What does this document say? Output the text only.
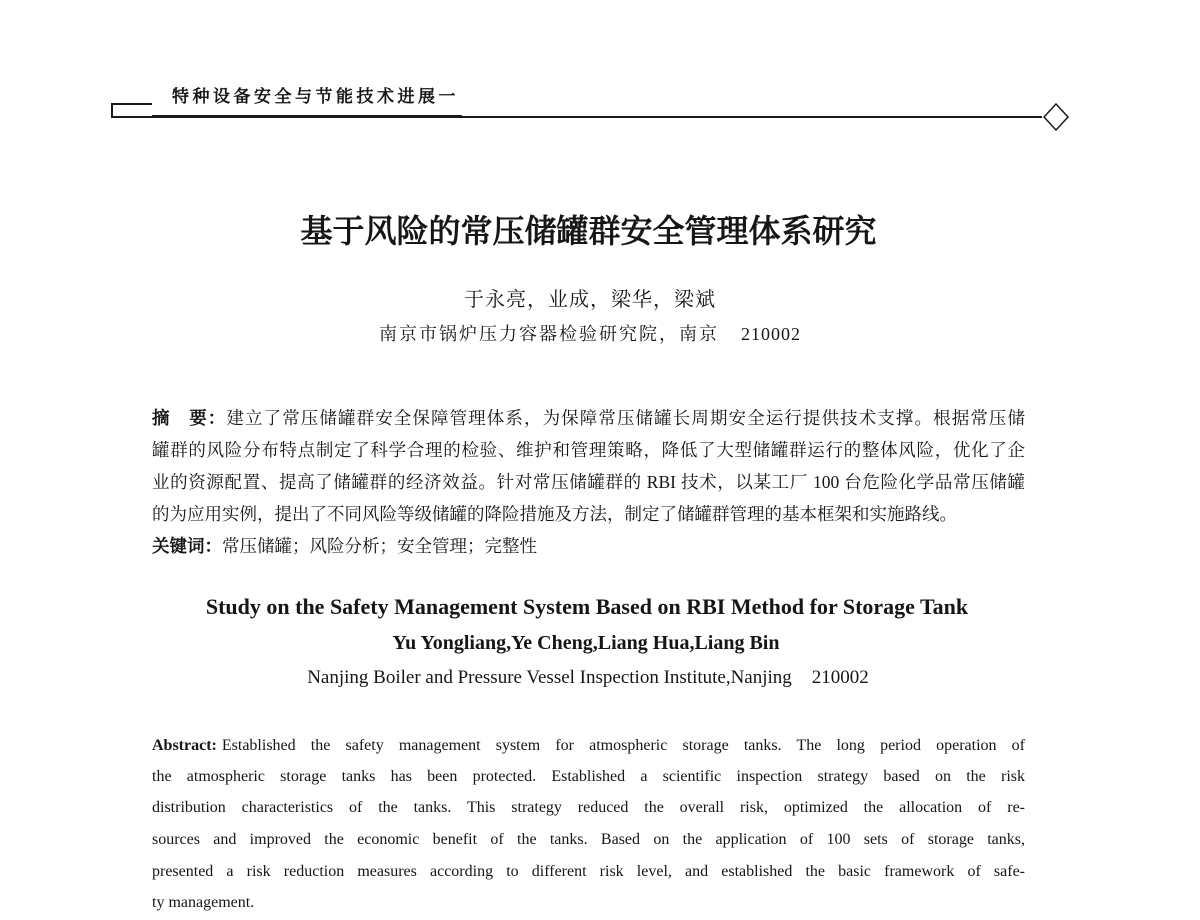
特种设备安全与节能技术进展一
基于风险的常压储罐群安全管理体系研究
于永亮，业成，梁华，梁斌
南京市锅炉压力容器检验研究院，南京 210002
摘　要：建立了常压储罐群安全保障管理体系，为保障常压储罐长周期安全运行提供技术支撑。根据常压储
罐群的风险分布特点制定了科学合理的检验、维护和管理策略，降低了大型储罐群运行的整体风险，优化了企
业的资源配置、提高了储罐群的经济效益。针对常压储罐群的 RBI 技术，以某工厂 100 台危险化学品常压储罐
的为应用实例，提出了不同风险等级储罐的降险措施及方法，制定了储罐群管理的基本框架和实施路线。
关键词：常压储罐；风险分析；安全管理；完整性
Study on the Safety Management System Based on RBI Method for Storage Tank
Yu Yongliang,Ye Cheng,Liang Hua,Liang Bin
Nanjing Boiler and Pressure Vessel Inspection Institute,Nanjing 210002
Abstract: Established the safety management system for atmospheric storage tanks. The long period operation of
the atmospheric storage tanks has been protected. Established a scientific inspection strategy based on the risk
distribution characteristics of the tanks. This strategy reduced the overall risk, optimized the allocation of re-
sources and improved the economic benefit of the tanks. Based on the application of 100 sets of storage tanks,
presented a risk reduction measures according to different risk level, and established the basic framework of safe-
ty management.
